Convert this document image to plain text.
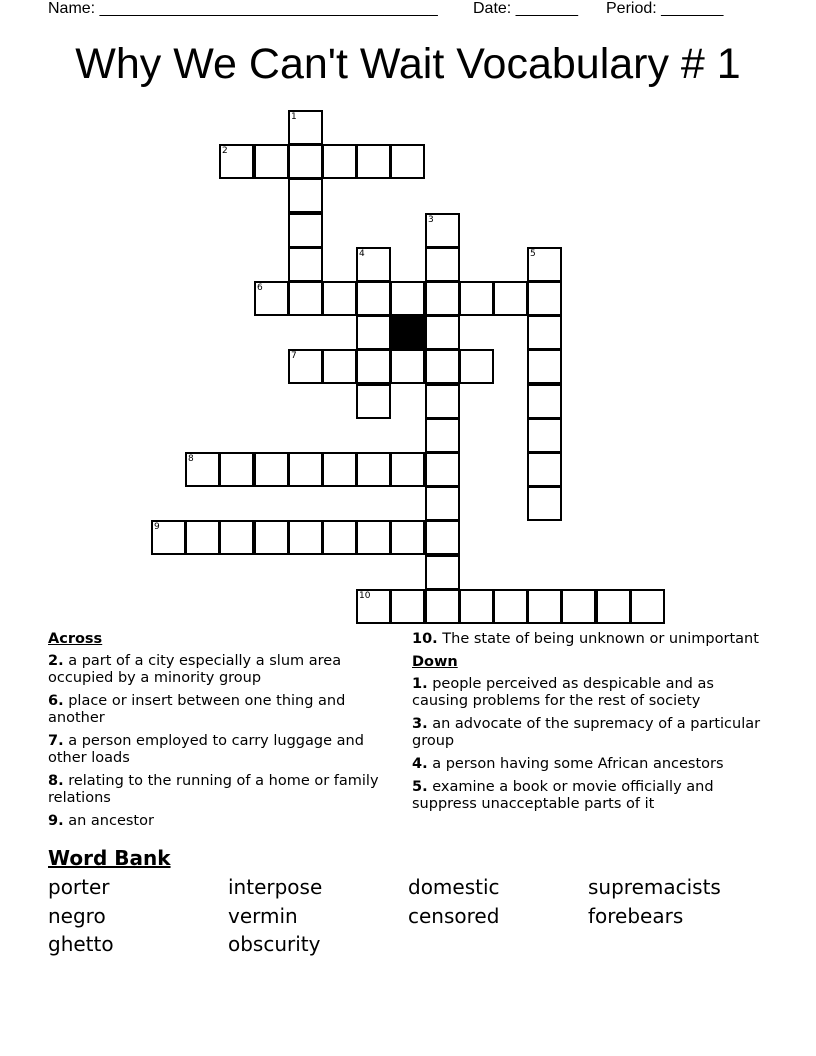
Name: ______________________________________ Date: _______ Period: _______
Why We Can't Wait Vocabulary # 1
1
2
3
4	5
6
7
8
9
10
Across
2. a part of a city especially a slum area occupied by a minority group
6. place or insert between one thing and another
7. a person employed to carry luggage and other loads
8. relating to the running of a home or family relations
9. an ancestor
10. The state of being unknown or unimportant
Down
1. people perceived as despicable and as causing problems for the rest of society
3. an advocate of the supremacy of a particular group
4. a person having some African ancestors
5. examine a book or movie officially and suppress unacceptable parts of it
Word Bank
porter	interpose	domestic	supremacists
negro	vermin	censored	forebears
ghetto	obscurity
